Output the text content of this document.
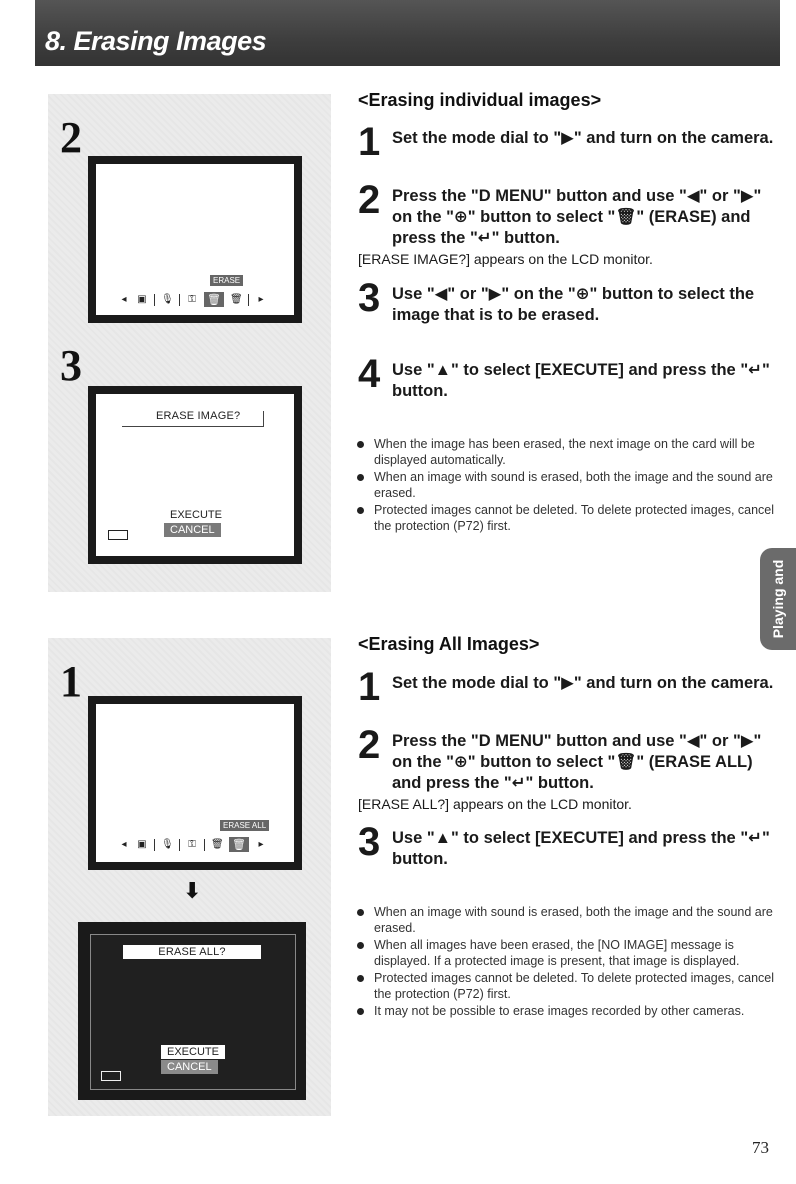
8. Erasing Images
2
ERASE
◂	▣ 🎙 ⚿ 🗑 🗑	▸
3
ERASE IMAGE?
EXECUTE
CANCEL
1
ERASE ALL
◂	▣ 🎙 ⚿ 🗑 🗑	▸
⬇
ERASE ALL?
EXECUTE
CANCEL
<Erasing individual images>
1 Set the mode dial to "▶" and turn on the camera.
2 Press the "D MENU" button and use "◀" or "▶" on the "⊕" button to select "🗑" (ERASE) and press the "↵" button.
[ERASE IMAGE?] appears on the LCD monitor.
3 Use "◀" or "▶" on the "⊕" button to select the image that is to be erased.
4 Use "▲" to select [EXECUTE] and press the "↵" button.
When the image has been erased, the next image on the card will be displayed automatically.
When an image with sound is erased, both the image and the sound are erased.
Protected images cannot be deleted. To delete protected images, cancel the protection (P72) first.
<Erasing All Images>
1 Set the mode dial to "▶" and turn on the camera.
2 Press the "D MENU" button and use "◀" or "▶" on the "⊕" button to select "🗑" (ERASE ALL) and press the "↵" button.
[ERASE ALL?] appears on the LCD monitor.
3 Use "▲" to select [EXECUTE] and press the "↵" button.
When an image with sound is erased, both the image and the sound are erased.
When all images have been erased, the [NO IMAGE] message is displayed. If a protected image is present, that image is displayed.
Protected images cannot be deleted. To delete protected images, cancel the protection (P72) first.
It may not be possible to erase images recorded by other cameras.
Playing and
73
